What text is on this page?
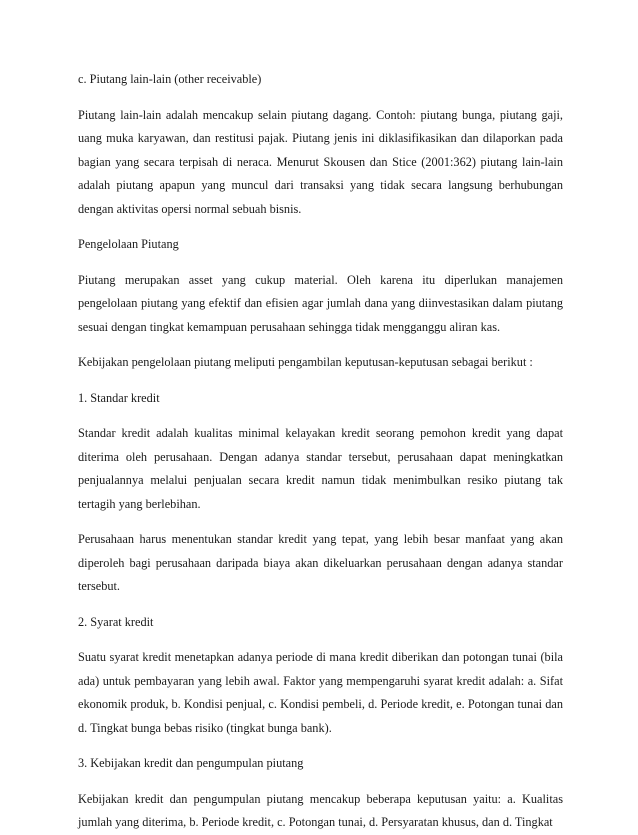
c. Piutang lain-lain (other receivable)
Piutang lain-lain adalah mencakup selain piutang dagang. Contoh: piutang bunga, piutang gaji, uang muka karyawan, dan restitusi pajak. Piutang jenis ini diklasifikasikan dan dilaporkan pada bagian yang secara terpisah di neraca. Menurut Skousen dan Stice (2001:362) piutang lain-lain adalah piutang apapun yang muncul dari transaksi yang tidak secara langsung berhubungan dengan aktivitas opersi normal sebuah bisnis.
Pengelolaan Piutang
Piutang merupakan asset yang cukup material. Oleh karena itu diperlukan manajemen pengelolaan piutang yang efektif dan efisien agar jumlah dana yang diinvestasikan dalam piutang sesuai dengan tingkat kemampuan perusahaan sehingga tidak mengganggu aliran kas.
Kebijakan pengelolaan piutang meliputi pengambilan keputusan-keputusan sebagai berikut :
1. Standar kredit
Standar kredit adalah kualitas minimal kelayakan kredit seorang pemohon kredit yang dapat diterima oleh perusahaan. Dengan adanya standar tersebut, perusahaan dapat meningkatkan penjualannya melalui penjualan secara kredit namun tidak menimbulkan resiko piutang tak tertagih yang berlebihan.
Perusahaan harus menentukan standar kredit yang tepat, yang lebih besar manfaat yang akan diperoleh bagi perusahaan daripada biaya akan dikeluarkan perusahaan dengan adanya standar tersebut.
2. Syarat kredit
Suatu syarat kredit menetapkan adanya periode di mana kredit diberikan dan potongan tunai (bila ada) untuk pembayaran yang lebih awal. Faktor yang mempengaruhi syarat kredit adalah: a. Sifat ekonomik produk, b. Kondisi penjual, c. Kondisi pembeli, d. Periode kredit, e. Potongan tunai dan d. Tingkat bunga bebas risiko (tingkat bunga bank).
3. Kebijakan kredit dan pengumpulan piutang
Kebijakan kredit dan pengumpulan piutang mencakup beberapa keputusan yaitu: a. Kualitas jumlah yang diterima, b. Periode kredit, c. Potongan tunai, d. Persyaratan khusus, dan d. Tingkat
